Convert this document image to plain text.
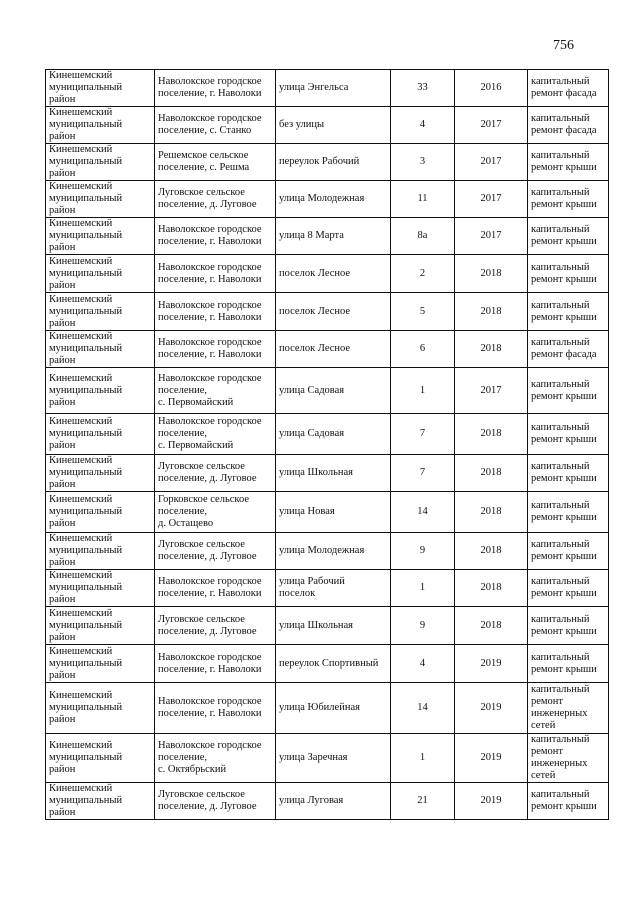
756
Кинешемский
муниципальный
район	Наволокское городское
поселение, г. Наволоки	улица Энгельса	33	2016	капитальный
ремонт фасада

Кинешемский
муниципальный
район	Наволокское городское
поселение, с. Станко	без улицы	4	2017	капитальный
ремонт фасада

Кинешемский
муниципальный
район	Решемское сельское
поселение, с. Решма	переулок Рабочий	3	2017	капитальный
ремонт крыши

Кинешемский
муниципальный
район	Луговское сельское
поселение, д. Луговое	улица Молодежная	11	2017	капитальный
ремонт крыши

Кинешемский
муниципальный
район	Наволокское городское
поселение, г. Наволоки	улица 8 Марта	8а	2017	капитальный
ремонт крыши

Кинешемский
муниципальный
район	Наволокское городское
поселение, г. Наволоки	поселок Лесное	2	2018	капитальный
ремонт крыши

Кинешемский
муниципальный
район	Наволокское городское
поселение, г. Наволоки	поселок Лесное	5	2018	капитальный
ремонт крыши

Кинешемский
муниципальный
район	Наволокское городское
поселение, г. Наволоки	поселок Лесное	6	2018	капитальный
ремонт фасада

Кинешемский
муниципальный
район	Наволокское городское
поселение,
с. Первомайский	улица Садовая	1	2017	капитальный
ремонт крыши

Кинешемский
муниципальный
район	Наволокское городское
поселение,
с. Первомайский	улица Садовая	7	2018	капитальный
ремонт крыши

Кинешемский
муниципальный
район	Луговское сельское
поселение, д. Луговое	улица Школьная	7	2018	капитальный
ремонт крыши

Кинешемский
муниципальный
район	Горковское сельское
поселение,
д. Остащево	улица Новая	14	2018	капитальный
ремонт крыши

Кинешемский
муниципальный
район	Луговское сельское
поселение, д. Луговое	улица Молодежная	9	2018	капитальный
ремонт крыши

Кинешемский
муниципальный
район	Наволокское городское
поселение, г. Наволоки	улица Рабочий
поселок	1	2018	капитальный
ремонт крыши

Кинешемский
муниципальный
район	Луговское сельское
поселение, д. Луговое	улица Школьная	9	2018	капитальный
ремонт крыши

Кинешемский
муниципальный
район	Наволокское городское
поселение, г. Наволоки	переулок Спортивный	4	2019	капитальный
ремонт крыши

Кинешемский
муниципальный
район	Наволокское городское
поселение, г. Наволоки	улица Юбилейная	14	2019	капитальный
ремонт
инженерных
сетей

Кинешемский
муниципальный
район	Наволокское городское
поселение,
с. Октябрьский	улица Заречная	1	2019	капитальный
ремонт
инженерных
сетей

Кинешемский
муниципальный
район	Луговское сельское
поселение, д. Луговое	улица Луговая	21	2019	капитальный
ремонт крыши
